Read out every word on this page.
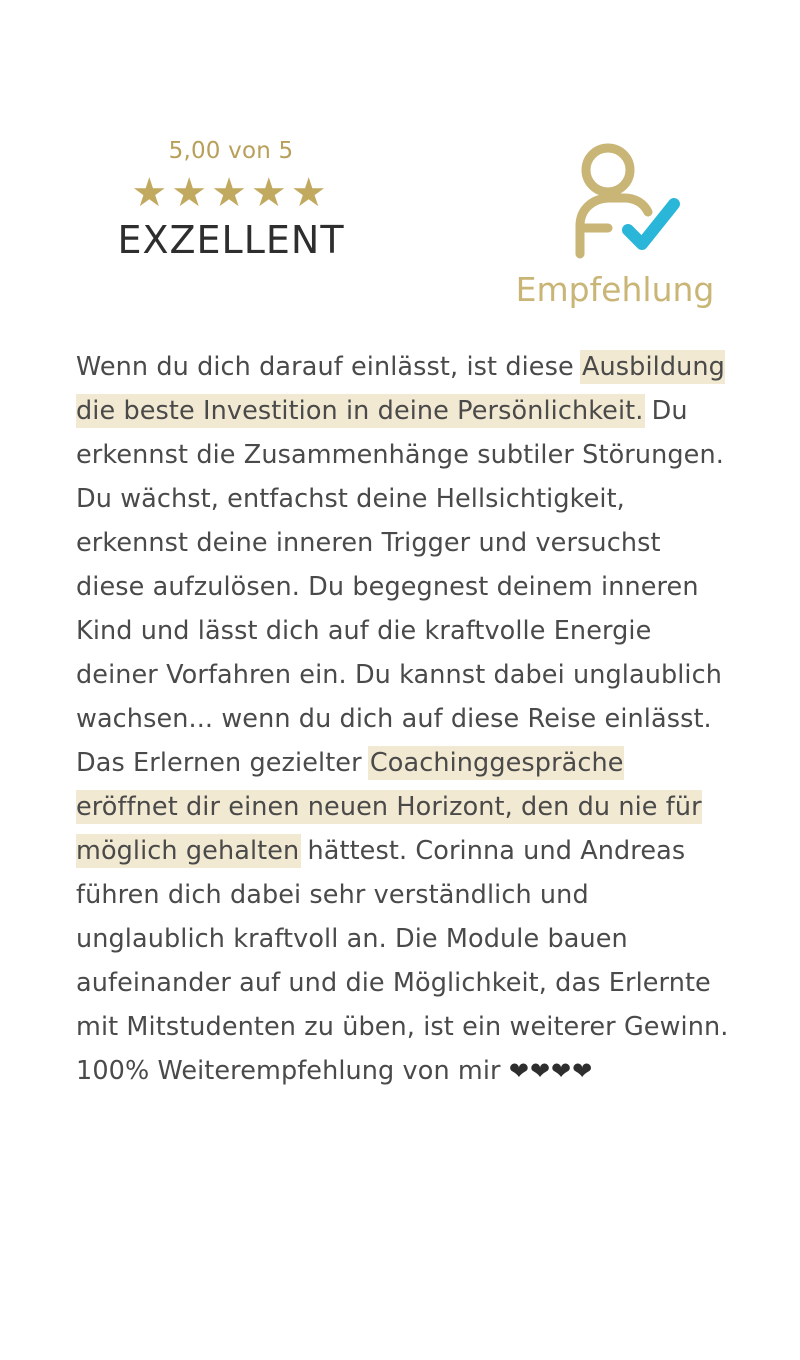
5,00 von 5
★★★★★
EXZELLENT
Empfehlung
Wenn du dich darauf einlässt, ist diese Ausbildung die beste Investition in deine Persönlichkeit. Du erkennst die Zusammenhänge subtiler Störungen. Du wächst, entfachst deine Hellsichtigkeit, erkennst deine inneren Trigger und versuchst diese aufzulösen. Du begegnest deinem inneren Kind und lässt dich auf die kraftvolle Energie deiner Vorfahren ein. Du kannst dabei unglaublich wachsen... wenn du dich auf diese Reise einlässt. Das Erlernen gezielter Coachinggespräche eröffnet dir einen neuen Horizont, den du nie für möglich gehalten hättest. Corinna und Andreas führen dich dabei sehr verständlich und unglaublich kraftvoll an. Die Module bauen aufeinander auf und die Möglichkeit, das Erlernte mit Mitstudenten zu üben, ist ein weiterer Gewinn. 100% Weiterempfehlung von mir ❤❤❤❤
